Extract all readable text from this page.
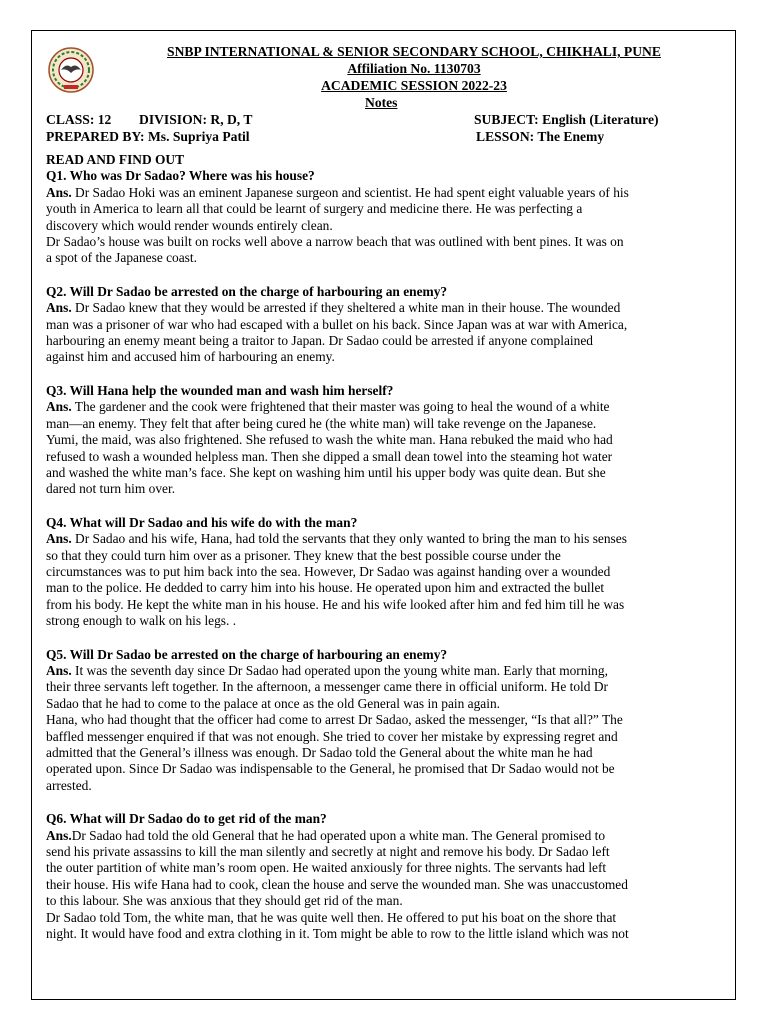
SNBP INTERNATIONAL & SENIOR SECONDARY SCHOOL, CHIKHALI, PUNE
Affiliation No. 1130703
ACADEMIC SESSION 2022-23
Notes
CLASS: 12 DIVISION: R, D, T	SUBJECT: English (Literature)
PREPARED BY: Ms. Supriya Patil	LESSON: The Enemy

READ AND FIND OUT

Q1. Who was Dr Sadao? Where was his house?

Ans. Dr Sadao Hoki was an eminent Japanese surgeon and scientist. He had spent eight valuable years of his

youth in America to learn all that could be learnt of surgery and medicine there. He was perfecting a

discovery which would render wounds entirely clean.

Dr Sadao’s house was built on rocks well above a narrow beach that was outlined with bent pines. It was on

a spot of the Japanese coast.

Q2. Will Dr Sadao be arrested on the charge of harbouring an enemy?

Ans. Dr Sadao knew that they would be arrested if they sheltered a white man in their house. The wounded

man was a prisoner of war who had escaped with a bullet on his back. Since Japan was at war with America,

harbouring an enemy meant being a traitor to Japan. Dr Sadao could be arrested if anyone complained

against him and accused him of harbouring an enemy.

Q3. Will Hana help the wounded man and wash him herself?

Ans. The gardener and the cook were frightened that their master was going to heal the wound of a white

man—an enemy. They felt that after being cured he (the white man) will take revenge on the Japanese.

Yumi, the maid, was also frightened. She refused to wash the white man. Hana rebuked the maid who had

refused to wash a wounded helpless man. Then she dipped a small dean towel into the steaming hot water

and washed the white man’s face. She kept on washing him until his upper body was quite dean. But she

dared not turn him over.

Q4. What will Dr Sadao and his wife do with the man?

Ans. Dr Sadao and his wife, Hana, had told the servants that they only wanted to bring the man to his senses

so that they could turn him over as a prisoner. They knew that the best possible course under the

circumstances was to put him back into the sea. However, Dr Sadao was against handing over a wounded

man to the police. He dedded to carry him into his house. He operated upon him and extracted the bullet

from his body. He kept the white man in his house. He and his wife looked after him and fed him till he was

strong enough to walk on his legs. .

Q5. Will Dr Sadao be arrested on the charge of harbouring an enemy?

Ans. It was the seventh day since Dr Sadao had operated upon the young white man. Early that morning,

their three servants left together. In the afternoon, a messenger came there in official uniform. He told Dr

Sadao that he had to come to the palace at once as the old General was in pain again.

Hana, who had thought that the officer had come to arrest Dr Sadao, asked the messenger, “Is that all?” The

baffled messenger enquired if that was not enough. She tried to cover her mistake by expressing regret and

admitted that the General’s illness was enough. Dr Sadao told the General about the white man he had

operated upon. Since Dr Sadao was indispensable to the General, he promised that Dr Sadao would not be

arrested.

Q6. What will Dr Sadao do to get rid of the man?

Ans.Dr Sadao had told the old General that he had operated upon a white man. The General promised to

send his private assassins to kill the man silently and secretly at night and remove his body. Dr Sadao left

the outer partition of white man’s room open. He waited anxiously for three nights. The servants had left

their house. His wife Hana had to cook, clean the house and serve the wounded man. She was unaccustomed

to this labour. She was anxious that they should get rid of the man.

Dr Sadao told Tom, the white man, that he was quite well then. He offered to put his boat on the shore that

night. It would have food and extra clothing in it. Tom might be able to row to the little island which was not
